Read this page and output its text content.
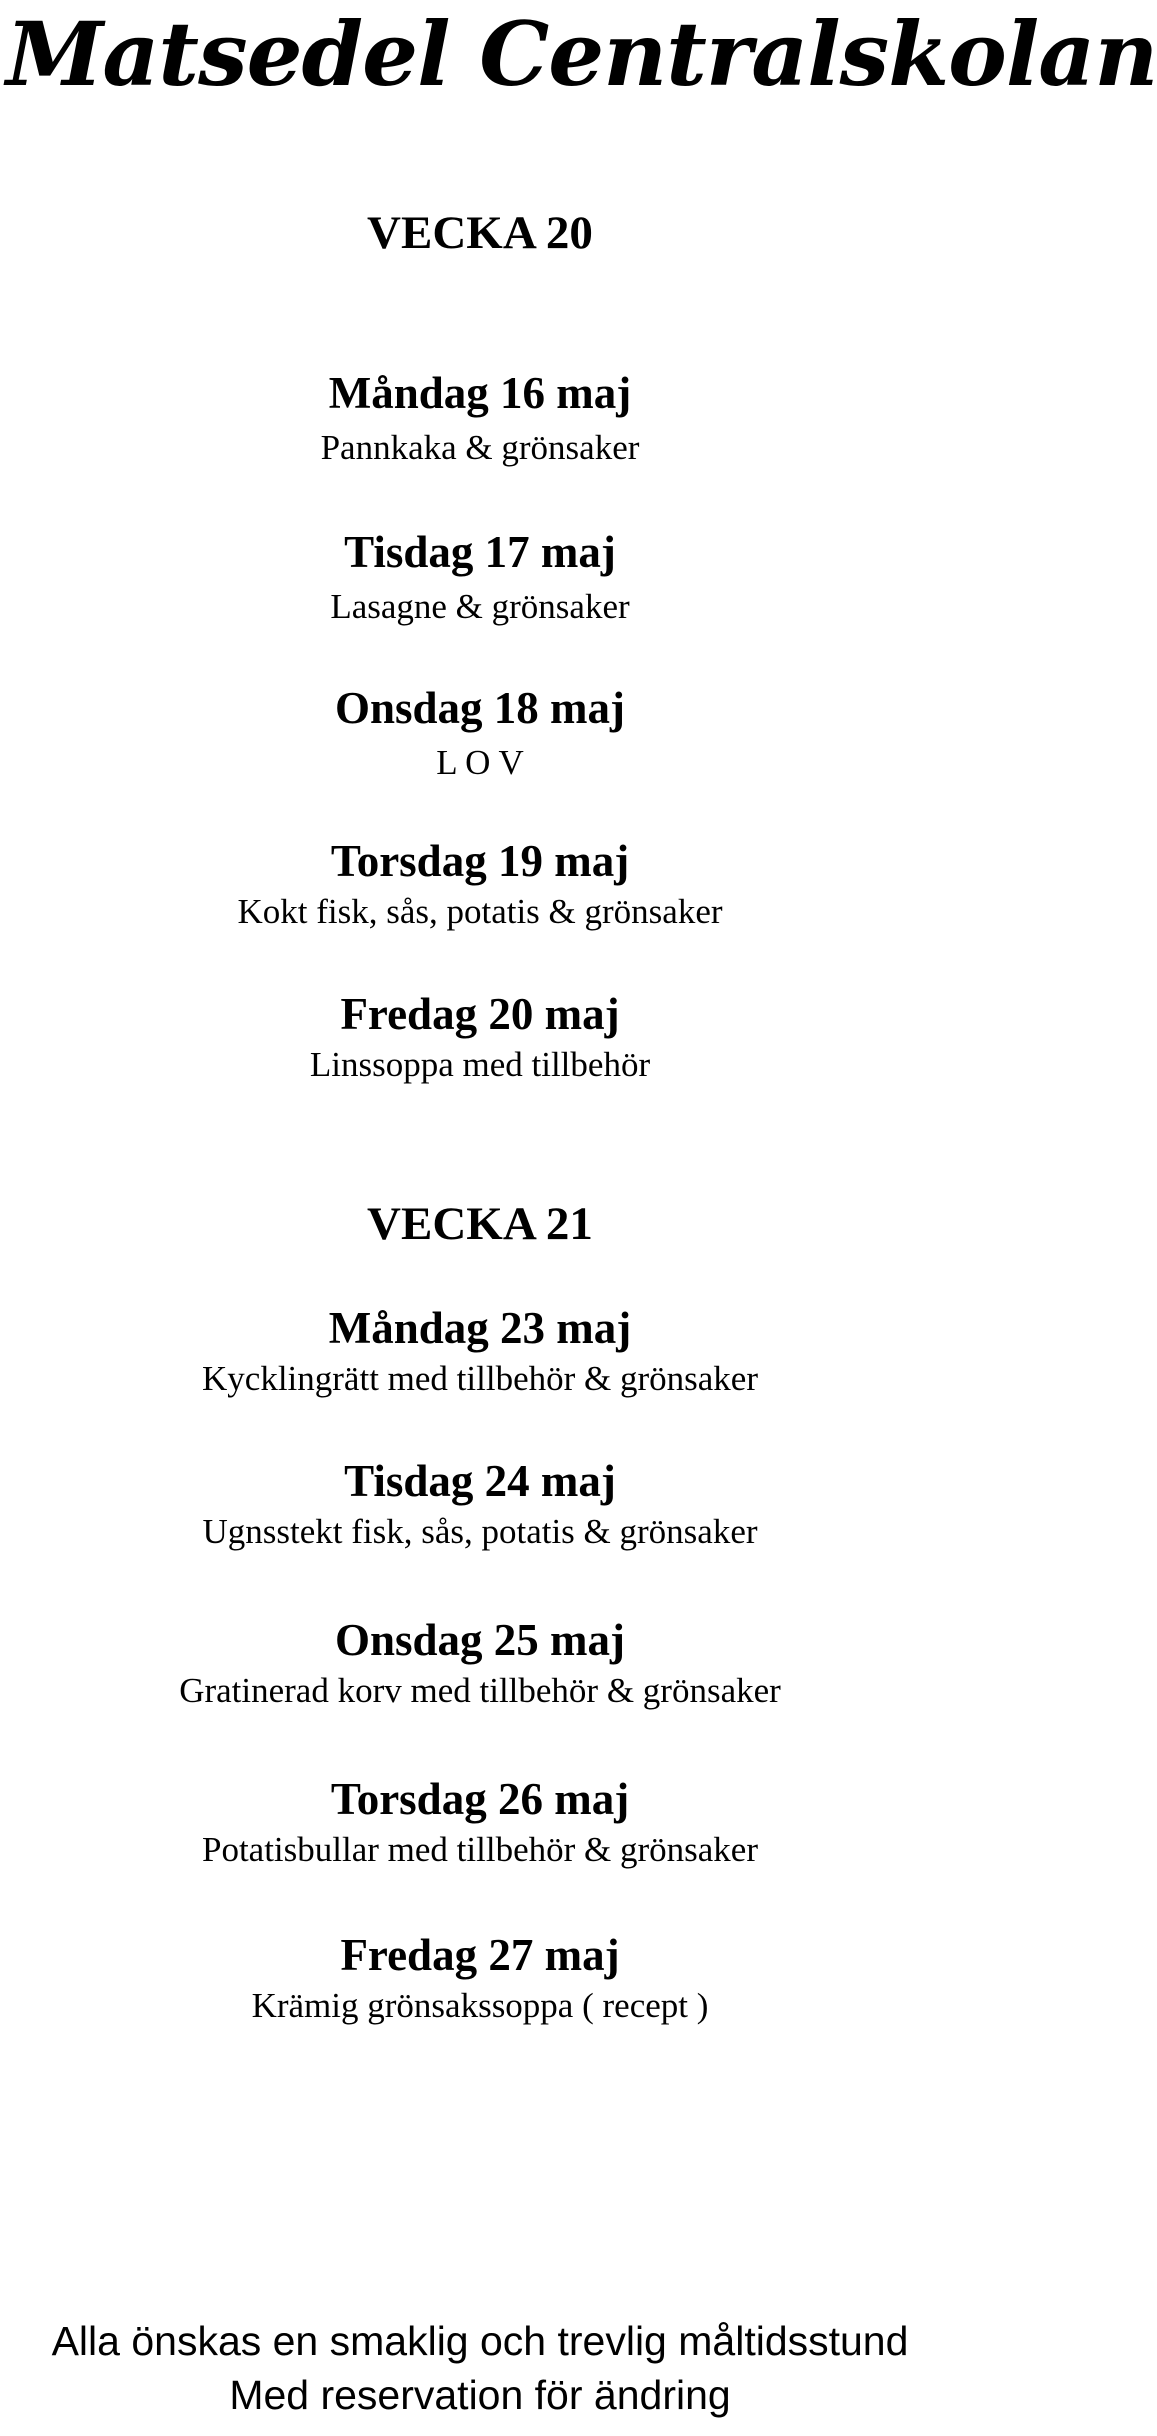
Matsedel Centralskolan
VECKA 20
Måndag 16 maj
Pannkaka & grönsaker
Tisdag 17 maj
Lasagne & grönsaker
Onsdag 18 maj
L O V
Torsdag 19 maj
Kokt fisk, sås, potatis & grönsaker
Fredag 20 maj
Linssoppa med tillbehör
VECKA 21
Måndag 23 maj
Kycklingrätt med tillbehör & grönsaker
Tisdag 24 maj
Ugnsstekt fisk, sås, potatis & grönsaker
Onsdag 25 maj
Gratinerad korv med tillbehör & grönsaker
Torsdag 26 maj
Potatisbullar med tillbehör & grönsaker
Fredag 27 maj
Krämig grönsakssoppa ( recept )
Alla önskas en smaklig och trevlig måltidsstund
Med reservation för ändring
